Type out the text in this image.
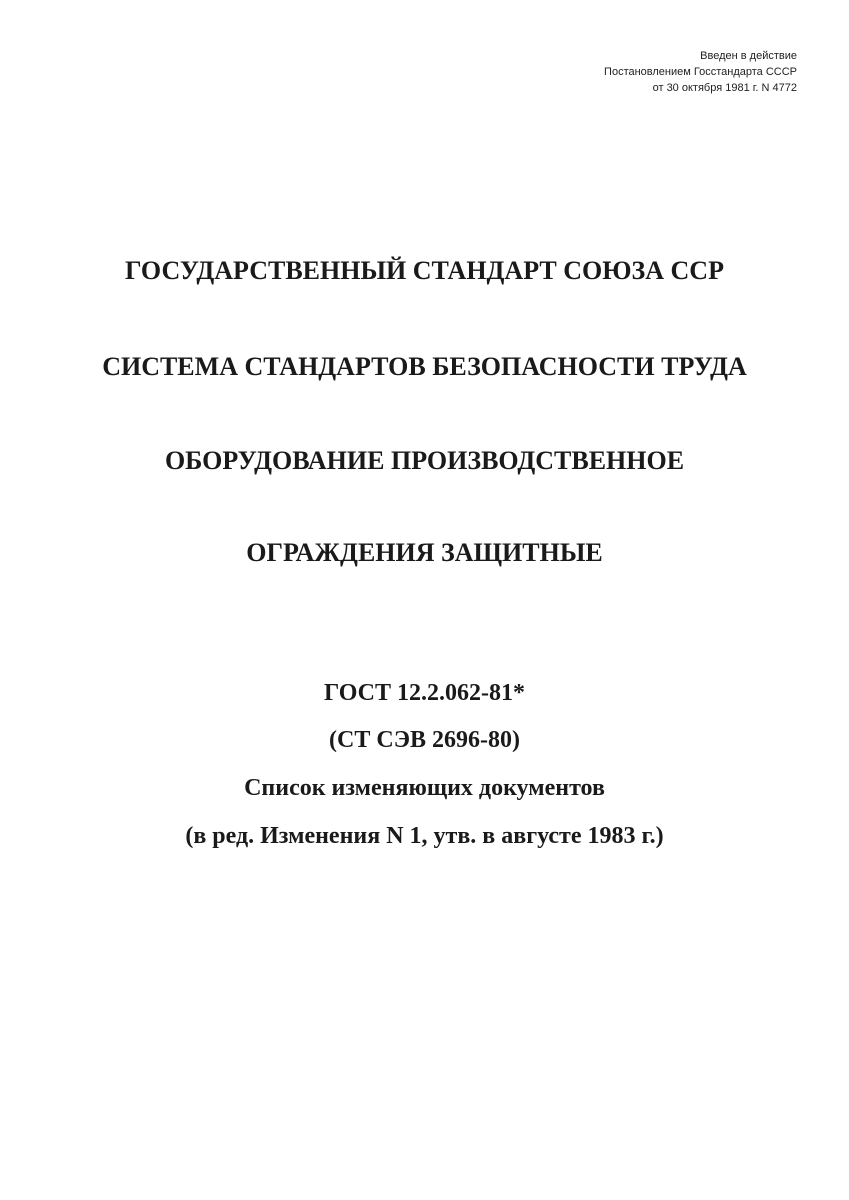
Введен в действие
Постановлением Госстандарта СССР
от 30 октября 1981 г. N 4772
ГОСУДАРСТВЕННЫЙ СТАНДАРТ СОЮЗА ССР
СИСТЕМА СТАНДАРТОВ БЕЗОПАСНОСТИ ТРУДА
ОБОРУДОВАНИЕ ПРОИЗВОДСТВЕННОЕ
ОГРАЖДЕНИЯ ЗАЩИТНЫЕ
ГОСТ 12.2.062-81*
(СТ СЭВ 2696-80)
Список изменяющих документов
(в ред. Изменения N 1, утв. в августе 1983 г.)
